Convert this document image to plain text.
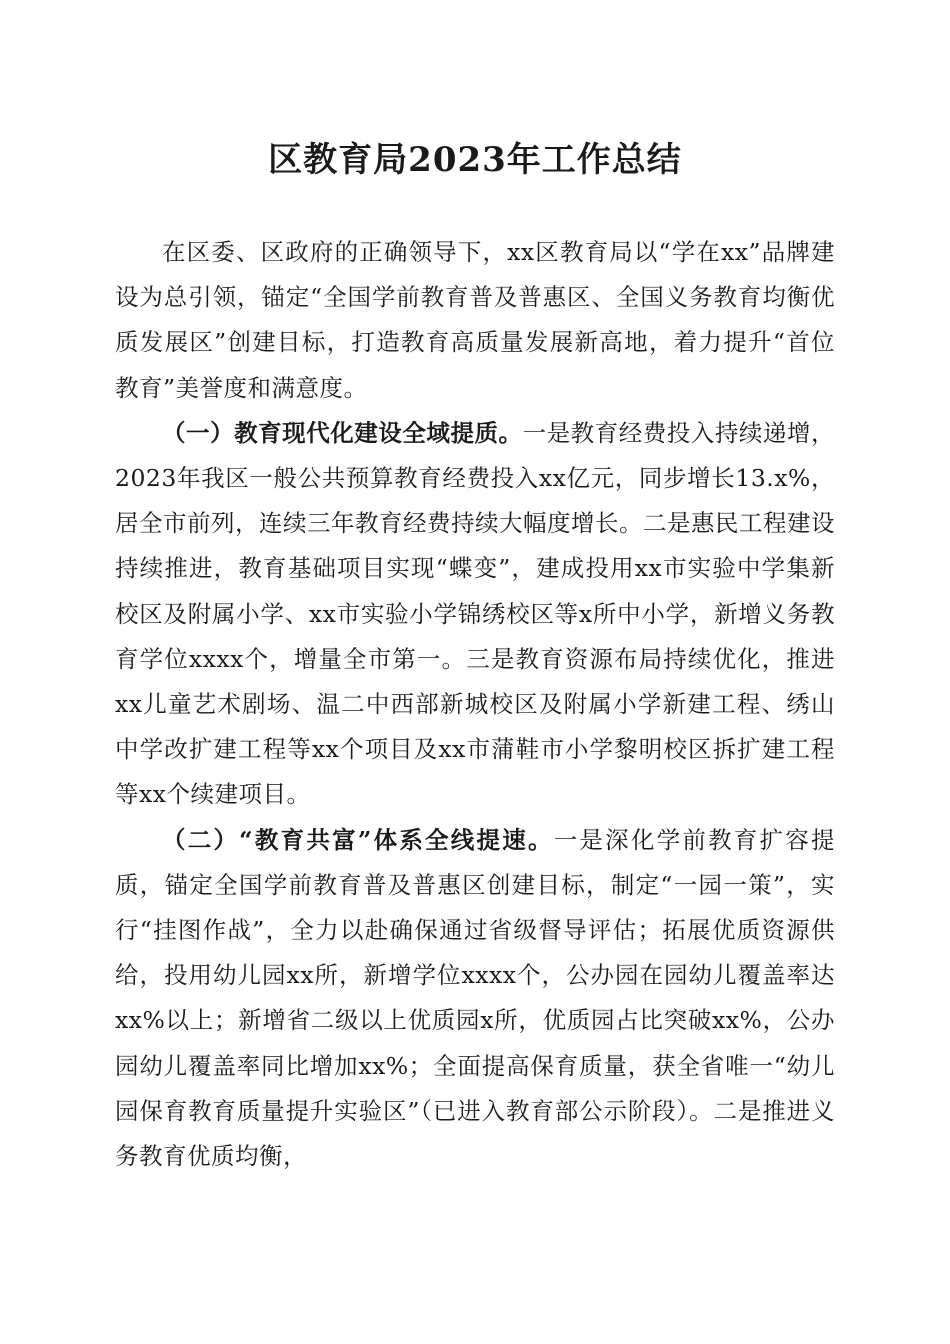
区教育局2023年工作总结

在区委、区政府的正确领导下，xx区教育局以“学在xx”品牌建设为总引领，锚定“全国学前教育普及普惠区、全国义务教育均衡优质发展区”创建目标，打造教育高质量发展新高地，着力提升“首位教育”美誉度和满意度。

（一）教育现代化建设全域提质。一是教育经费投入持续递增，2023年我区一般公共预算教育经费投入xx亿元，同步增长13.x%，居全市前列，连续三年教育经费持续大幅度增长。二是惠民工程建设持续推进，教育基础项目实现“蝶变”，建成投用xx市实验中学集新校区及附属小学、xx市实验小学锦绣校区等x所中小学，新增义务教育学位xxxx个，增量全市第一。三是教育资源布局持续优化，推进xx儿童艺术剧场、温二中西部新城校区及附属小学新建工程、绣山中学改扩建工程等xx个项目及xx市蒲鞋市小学黎明校区拆扩建工程等xx个续建项目。

（二）“教育共富”体系全线提速。一是深化学前教育扩容提质，锚定全国学前教育普及普惠区创建目标，制定“一园一策”，实行“挂图作战”，全力以赴确保通过省级督导评估；拓展优质资源供给，投用幼儿园xx所，新增学位xxxx个，公办园在园幼儿覆盖率达xx%以上；新增省二级以上优质园x所，优质园占比突破xx%，公办园幼儿覆盖率同比增加xx%；全面提高保育质量，获全省唯一“幼儿园保育教育质量提升实验区”（已进入教育部公示阶段）。二是推进义务教育优质均衡，
